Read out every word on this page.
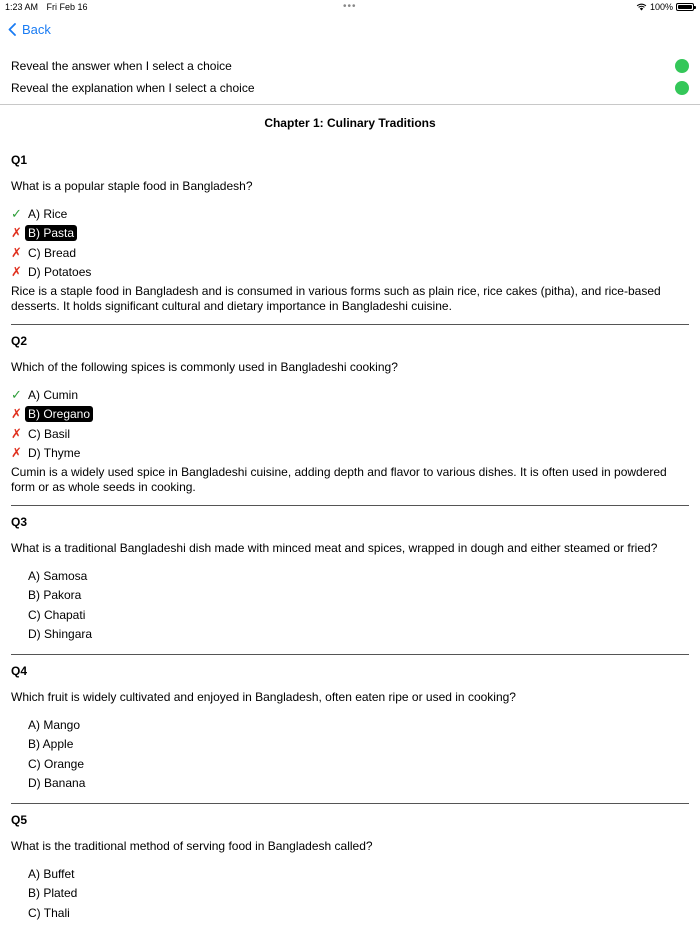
1:23 AM Fri Feb 16	•••	100%
Back
Reveal the answer when I select a choice
Reveal the explanation when I select a choice
Chapter 1: Culinary Traditions
Q1
What is a popular staple food in Bangladesh?
✓ A) Rice
✗ B) Pasta
✗ C) Bread
✗ D) Potatoes
Rice is a staple food in Bangladesh and is consumed in various forms such as plain rice, rice cakes (pitha), and rice-based desserts. It holds significant cultural and dietary importance in Bangladeshi cuisine.
Q2
Which of the following spices is commonly used in Bangladeshi cooking?
✓ A) Cumin
✗ B) Oregano
✗ C) Basil
✗ D) Thyme
Cumin is a widely used spice in Bangladeshi cuisine, adding depth and flavor to various dishes. It is often used in powdered form or as whole seeds in cooking.
Q3
What is a traditional Bangladeshi dish made with minced meat and spices, wrapped in dough and either steamed or fried?
A) Samosa
B) Pakora
C) Chapati
D) Shingara
Q4
Which fruit is widely cultivated and enjoyed in Bangladesh, often eaten ripe or used in cooking?
A) Mango
B) Apple
C) Orange
D) Banana
Q5
What is the traditional method of serving food in Bangladesh called?
A) Buffet
B) Plated
C) Thali
